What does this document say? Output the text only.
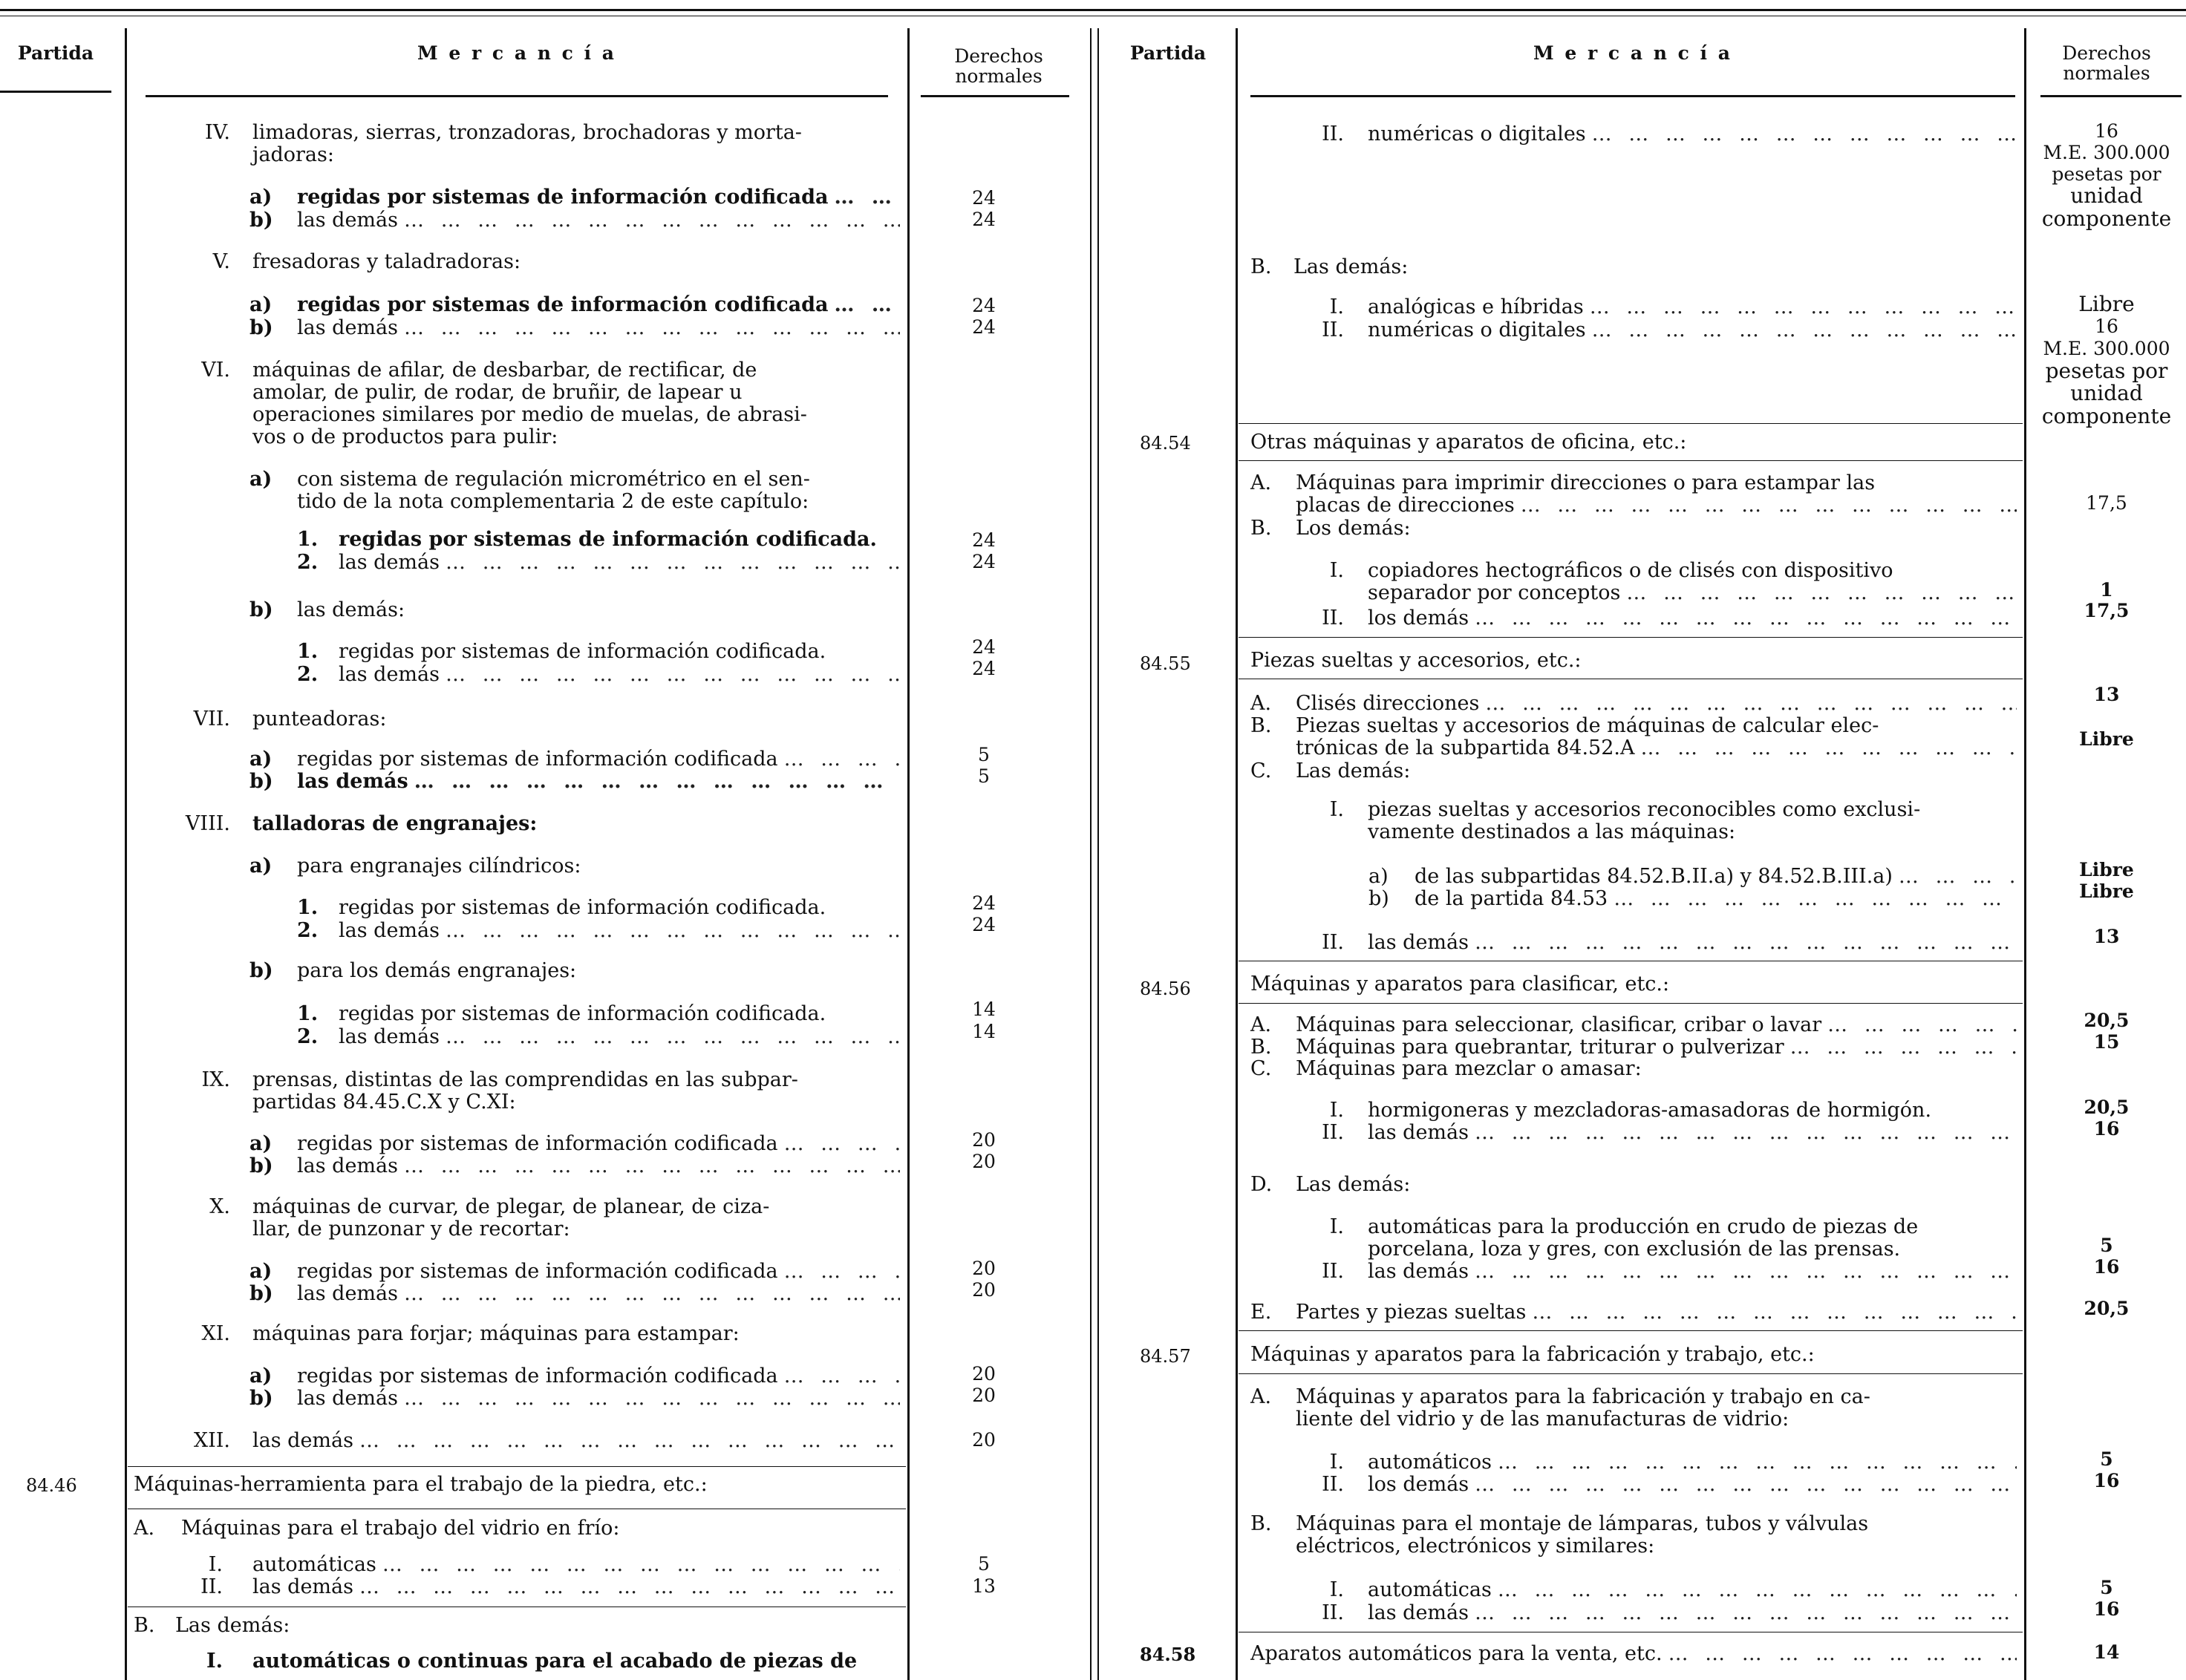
Partida	M e r c a n c í a	Derechos
normales
Partida	M e r c a n c í a	Derechos
normales
IV. limadoras, sierras, tronzadoras, brochadoras y morta-
jadoras:
a) regidas por sistemas de información codificada … … … … … … … … … … … … … … … … … … … … … … … … … … … … … … … … … … … … … … … …	24
b) las demás … … … … … … … … … … … … … … … … … … … … … … … … … … … … … … … … … … … … … … … …	24
V. fresadoras y taladradoras:
a) regidas por sistemas de información codificada … … … … … … … … … … … … … … … … … … … … … … … … … … … … … … … … … … … … … … … …	24
b) las demás … … … … … … … … … … … … … … … … … … … … … … … … … … … … … … … … … … … … … … … …	24
VI. máquinas de afilar, de desbarbar, de rectificar, de
amolar, de pulir, de rodar, de bruñir, de lapear u
operaciones similares por medio de muelas, de abrasi-
vos o de productos para pulir:
a) con sistema de regulación micrométrico en el sen-
tido de la nota complementaria 2 de este capítulo:
1. regidas por sistemas de información codificada.	24
2. las demás … … … … … … … … … … … … … … … … … … … … … … … … … … … … … … … … … … … … … … … …	24
b) las demás:
1. regidas por sistemas de información codificada.	24
2. las demás … … … … … … … … … … … … … … … … … … … … … … … … … … … … … … … … … … … … … … … …	24
VII. punteadoras:
a) regidas por sistemas de información codificada … … … … … … … … … … … … … … … … … … … … … … … … … … … … … … … … … … … … … … … …	5
b) las demás … … … … … … … … … … … … … … … … … … … … … … … … … … … … … … … … … … … … … … … …	5
VIII. talladoras de engranajes:
a) para engranajes cilíndricos:
1. regidas por sistemas de información codificada.	24
2. las demás … … … … … … … … … … … … … … … … … … … … … … … … … … … … … … … … … … … … … … … …	24
b) para los demás engranajes:
1. regidas por sistemas de información codificada.	14
2. las demás … … … … … … … … … … … … … … … … … … … … … … … … … … … … … … … … … … … … … … … …	14
IX. prensas, distintas de las comprendidas en las subpar-
partidas 84.45.C.X y C.XI:
a) regidas por sistemas de información codificada … … … … … … … … … … … … … … … … … … … … … … … … … … … … … … … … … … … … … … … …	20
b) las demás … … … … … … … … … … … … … … … … … … … … … … … … … … … … … … … … … … … … … … … …	20
X. máquinas de curvar, de plegar, de planear, de ciza-
llar, de punzonar y de recortar:
a) regidas por sistemas de información codificada … … … … … … … … … … … … … … … … … … … … … … … … … … … … … … … … … … … … … … … …	20
b) las demás … … … … … … … … … … … … … … … … … … … … … … … … … … … … … … … … … … … … … … … …	20
XI. máquinas para forjar; máquinas para estampar:
a) regidas por sistemas de información codificada … … … … … … … … … … … … … … … … … … … … … … … … … … … … … … … … … … … … … … … …	20
b) las demás … … … … … … … … … … … … … … … … … … … … … … … … … … … … … … … … … … … … … … … …	20
XII. las demás … … … … … … … … … … … … … … … … … … … … … … … … … … … … … … … … … … … … … … … …	20
84.46	Máquinas-herramienta para el trabajo de la piedra, etc.:
A. Máquinas para el trabajo del vidrio en frío:
I. automáticas … … … … … … … … … … … … … … … … … … … … … … … … … … … … … … … … … … … … … … … …	5
II. las demás … … … … … … … … … … … … … … … … … … … … … … … … … … … … … … … … … … … … … … … …	13
B. Las demás:
I. automáticas o continuas para el acabado de piezas de
II. numéricas o digitales … … … … … … … … … … … … … … … … … … … … … … … … … … … … … … … … … … … … … … … …	16
M.E. 300.000
pesetas por
unidad
componente
B. Las demás:
I. analógicas e híbridas … … … … … … … … … … … … … … … … … … … … … … … … … … … … … … … … … … … … … … … …	Libre
II. numéricas o digitales … … … … … … … … … … … … … … … … … … … … … … … … … … … … … … … … … … … … … … … …	16
M.E. 300.000
pesetas por
unidad
componente
84.54	Otras máquinas y aparatos de oficina, etc.:
A. Máquinas para imprimir direcciones o para estampar las
placas de direcciones … … … … … … … … … … … … … … … … … … … … … … … … … … … … … … … … … … … … … … … …	17,5
B. Los demás:
I. copiadores hectográficos o de clisés con dispositivo
separador por conceptos … … … … … … … … … … … … … … … … … … … … … … … … … … … … … … … … … … … … … … … …	1
II. los demás … … … … … … … … … … … … … … … … … … … … … … … … … … … … … … … … … … … … … … … …	17,5
84.55	Piezas sueltas y accesorios, etc.:
A. Clisés direcciones … … … … … … … … … … … … … … … … … … … … … … … … … … … … … … … … … … … … … … … …	13
B. Piezas sueltas y accesorios de máquinas de calcular elec-
trónicas de la subpartida 84.52.A … … … … … … … … … … … … … … … … … … … … … … … … … … … … … … … … … … … … … … … …	Libre
C. Las demás:
I. piezas sueltas y accesorios reconocibles como exclusi-
vamente destinados a las máquinas:
a) de las subpartidas 84.52.B.II.a) y 84.52.B.III.a) … … … … … … … … … … … … … … … … … … … … … … … … … … … … … … … … … … … … … … … …	Libre
b) de la partida 84.53 … … … … … … … … … … … … … … … … … … … … … … … … … … … … … … … … … … … … … … … …	Libre
II. las demás … … … … … … … … … … … … … … … … … … … … … … … … … … … … … … … … … … … … … … … …	13
84.56	Máquinas y aparatos para clasificar, etc.:
A. Máquinas para seleccionar, clasificar, cribar o lavar … … … … … … … … … … … … … … … … … … … … … … … … … … … … … … … … … … … … … … … …	20,5
B. Máquinas para quebrantar, triturar o pulverizar … … … … … … … … … … … … … … … … … … … … … … … … … … … … … … … … … … … … … … … …	15
C. Máquinas para mezclar o amasar:
I. hormigoneras y mezcladoras-amasadoras de hormigón.	20,5
II. las demás … … … … … … … … … … … … … … … … … … … … … … … … … … … … … … … … … … … … … … … …	16
D. Las demás:
I. automáticas para la producción en crudo de piezas de
porcelana, loza y gres, con exclusión de las prensas.	5
II. las demás … … … … … … … … … … … … … … … … … … … … … … … … … … … … … … … … … … … … … … … …	16
E. Partes y piezas sueltas … … … … … … … … … … … … … … … … … … … … … … … … … … … … … … … … … … … … … … … …	20,5
84.57	Máquinas y aparatos para la fabricación y trabajo, etc.:
A. Máquinas y aparatos para la fabricación y trabajo en ca-
liente del vidrio y de las manufacturas de vidrio:
I. automáticos … … … … … … … … … … … … … … … … … … … … … … … … … … … … … … … … … … … … … … … …	5
II. los demás … … … … … … … … … … … … … … … … … … … … … … … … … … … … … … … … … … … … … … … …	16
B. Máquinas para el montaje de lámparas, tubos y válvulas
eléctricos, electrónicos y similares:
I. automáticas … … … … … … … … … … … … … … … … … … … … … … … … … … … … … … … … … … … … … … … …	5
II. las demás … … … … … … … … … … … … … … … … … … … … … … … … … … … … … … … … … … … … … … … …	16
84.58	Aparatos automáticos para la venta, etc. … … … … … … … … … … … … … … … … … … … … … … … … … … … … … … … … … … … … … … … …	14
